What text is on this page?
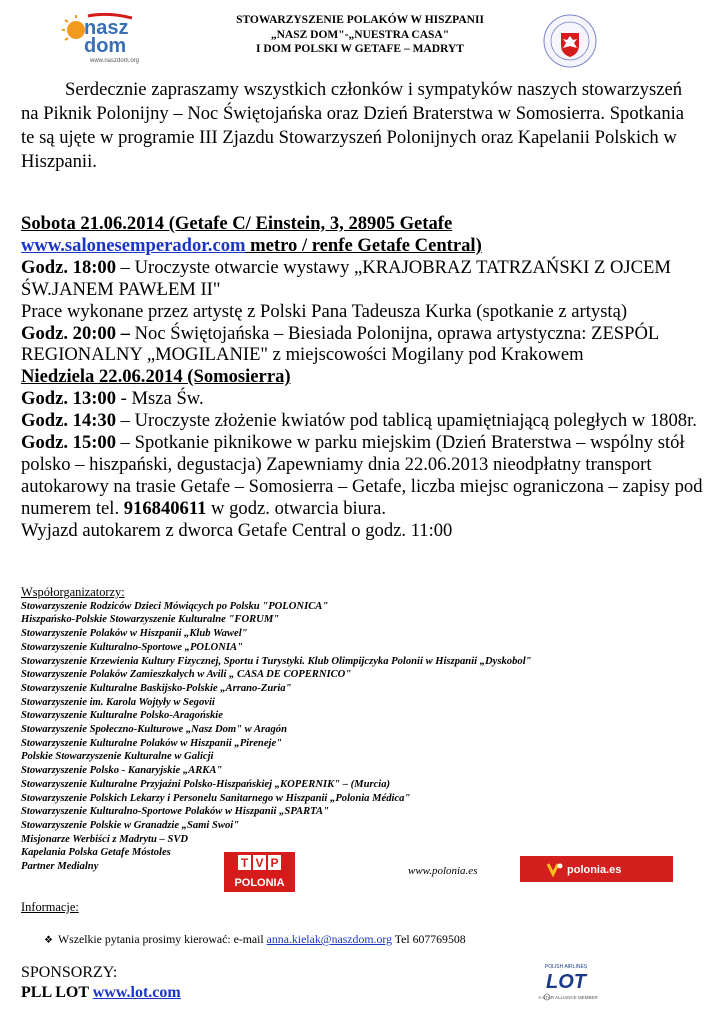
nasz
dom
www.naszdom.org
STOWARZYSZENIE POLAKÓW W HISZPANII
„NASZ DOM"-„NUESTRA CASA"
I DOM POLSKI W GETAFE – MADRYT
Serdecznie zapraszamy wszystkich członków i sympatyków naszych stowarzyszeń na Piknik Polonijny – Noc Świętojańska oraz Dzień Braterstwa w Somosierra. Spotkania te są ujęte w programie III Zjazdu Stowarzyszeń Polonijnych oraz Kapelanii Polskich w Hiszpanii.
Sobota 21.06.2014 (Getafe C/ Einstein, 3, 28905 Getafe
www.salonesemperador.com metro / renfe Getafe Central)
Godz. 18:00 – Uroczyste otwarcie wystawy „KRAJOBRAZ TATRZAŃSKI Z OJCEM ŚW.JANEM PAWŁEM II"
Prace wykonane przez artystę z Polski Pana Tadeusza Kurka (spotkanie z artystą)
Godz. 20:00 – Noc Świętojańska – Biesiada Polonijna, oprawa artystyczna: ZESPÓL REGIONALNY „MOGILANIE" z miejscowości Mogilany pod Krakowem
Niedziela 22.06.2014 (Somosierra)
Godz. 13:00 - Msza Św.
Godz. 14:30 – Uroczyste złożenie kwiatów pod tablicą upamiętniającą poległych w 1808r.
Godz. 15:00 – Spotkanie piknikowe w parku miejskim (Dzień Braterstwa – wspólny stół polsko – hiszpański, degustacja) Zapewniamy dnia 22.06.2013 nieodpłatny transport autokarowy na trasie Getafe – Somosierra – Getafe, liczba miejsc ograniczona – zapisy pod numerem tel. 916840611 w godz. otwarcia biura.
Wyjazd autokarem z dworca Getafe Central o godz. 11:00
Współorganizatorzy:
Stowarzyszenie Rodziców Dzieci Mówiących po Polsku "POLONICA"
Hiszpańsko-Polskie Stowarzyszenie Kulturalne "FORUM"
Stowarzyszenie Polaków w Hiszpanii „Klub Wawel"
Stowarzyszenie Kulturalno-Sportowe „POLONIA"
Stowarzyszenie Krzewienia Kultury Fizycznej, Sportu i Turystyki. Klub Olimpijczyka Polonii w Hiszpanii „Dyskobol"
Stowarzyszenie Polaków Zamieszkałych w Avili „ CASA DE COPERNICO"
Stowarzyszenie Kulturalne Baskijsko-Polskie „Arrano-Zuria"
Stowarzyszenie im. Karola Wojtyły w Segovii
Stowarzyszenie Kulturalne Polsko-Aragońskie
Stowarzyszenie Społeczno-Kulturowe „Nasz Dom" w Aragón
Stowarzyszenie Kulturalne Polaków w Hiszpanii „Pireneje"
Polskie Stowarzyszenie Kulturalne w Galicji
Stowarzyszenie Polsko - Kanaryjskie „ARKA"
Stowarzyszenie Kulturalne Przyjaźni Polsko-Hiszpańskiej „KOPERNIK" – (Murcia)
Stowarzyszenie Polskich Lekarzy i Personelu Sanitarnego w Hiszpanii „Polonia Médica"
Stowarzyszenie Kulturalno-Sportowe Polaków w Hiszpanii „SPARTA"
Stowarzyszenie Polskie w Granadzie „Sami Swoi"
Misjonarze Werbiści z Madrytu – SVD
Kapelania Polska Getafe Móstoles
Partner Medialny	T V P
POLONIA
www.polonia.es	polonia.es
Informacje:
❖ Wszelkie pytania prosimy kierować: e-mail anna.kielak@naszdom.org Tel 607769508
SPONSORZY:
PLL LOT www.lot.com
POLISH AIRLINES
LOT
A STAR ALLIANCE MEMBER
